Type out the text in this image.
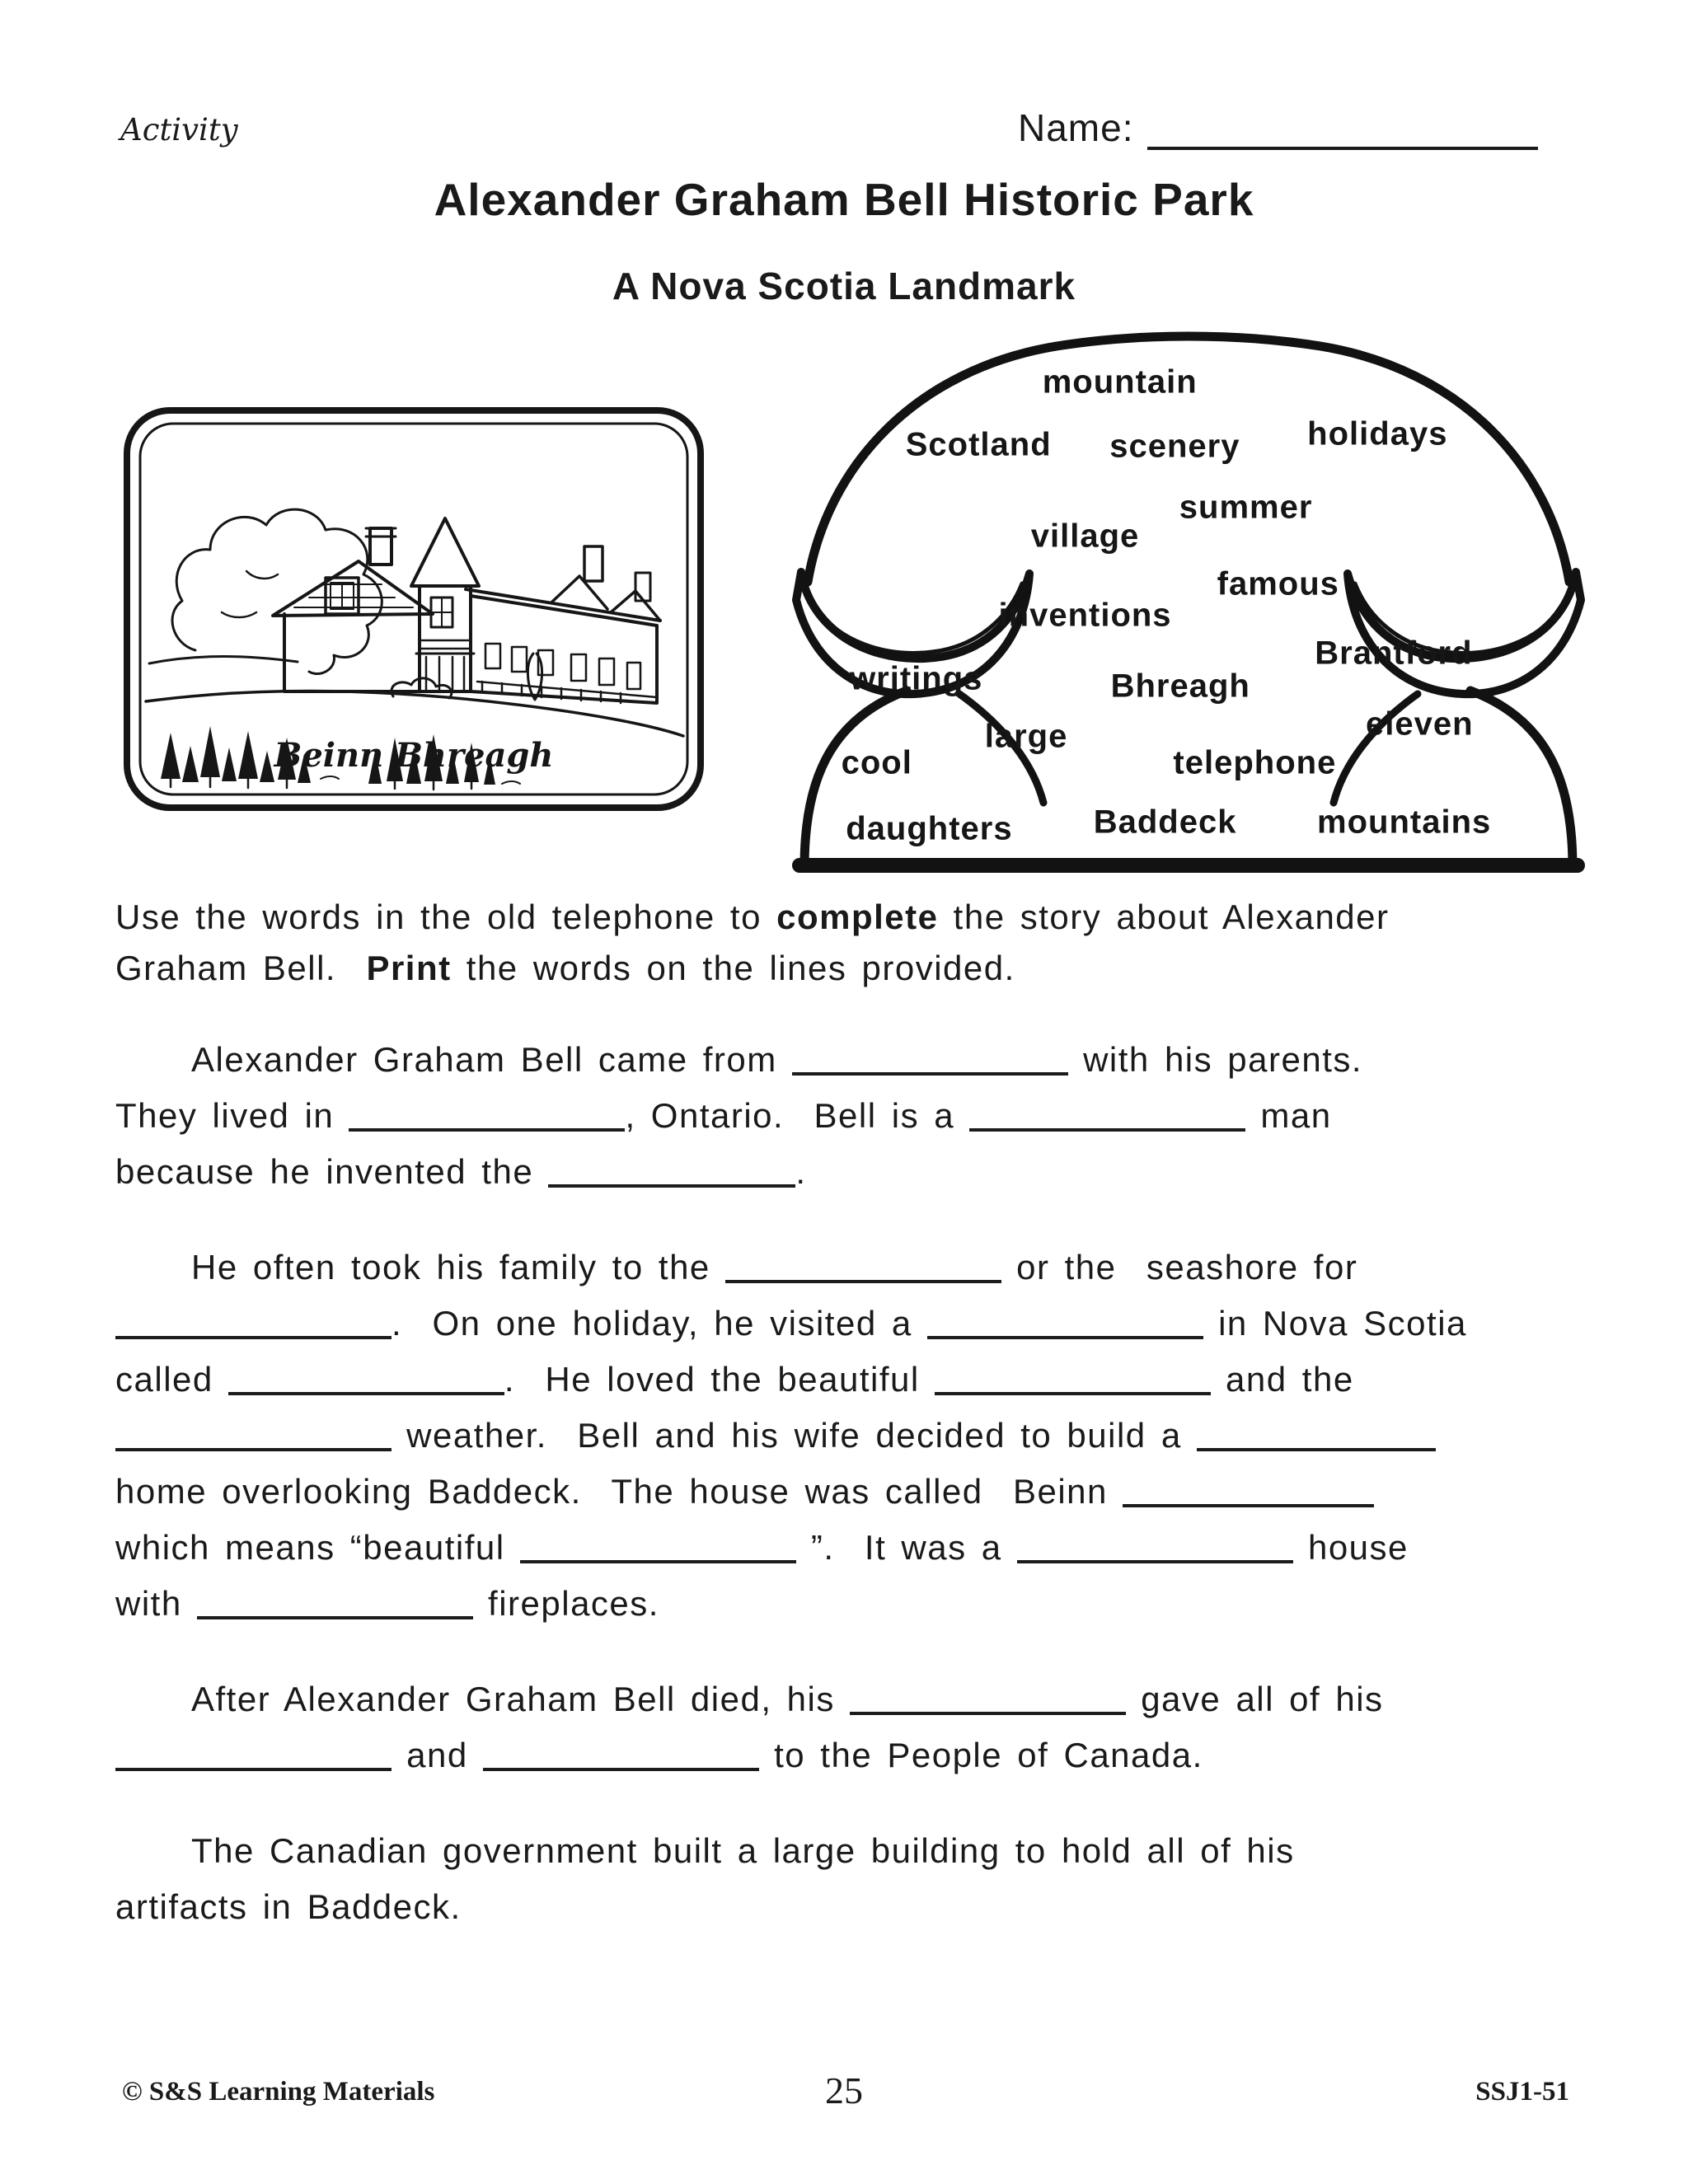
Activity	Name:
Alexander Graham Bell Historic Park
A Nova Scotia Landmark
Beinn Bhreagh
mountain
Scotland scenery holidays
summer
village
famous
inventions
Brantford
writings	Bhreagh
eleven
large
cool	telephone
daughters Baddeck mountains
Use the words in the old telephone to complete the story about Alexander
Graham Bell.  Print the words on the lines provided.
Alexander Graham Bell came from	with his parents.
They lived in	, Ontario.  Bell is a	man
because he invented the	.
He often took his family to the	or the  seashore for
.  On one holiday, he visited a	in Nova Scotia
called	.  He loved the beautiful	and the
weather.  Bell and his wife decided to build a
home overlooking Baddeck.  The house was called  Beinn
which means “beautiful	”.  It was a	house
with	fireplaces.
After Alexander Graham Bell died, his	gave all of his
and	to the People of Canada.
The Canadian government built a large building to hold all of his
artifacts in Baddeck.
© S&S Learning Materials	25	SSJ1-51
